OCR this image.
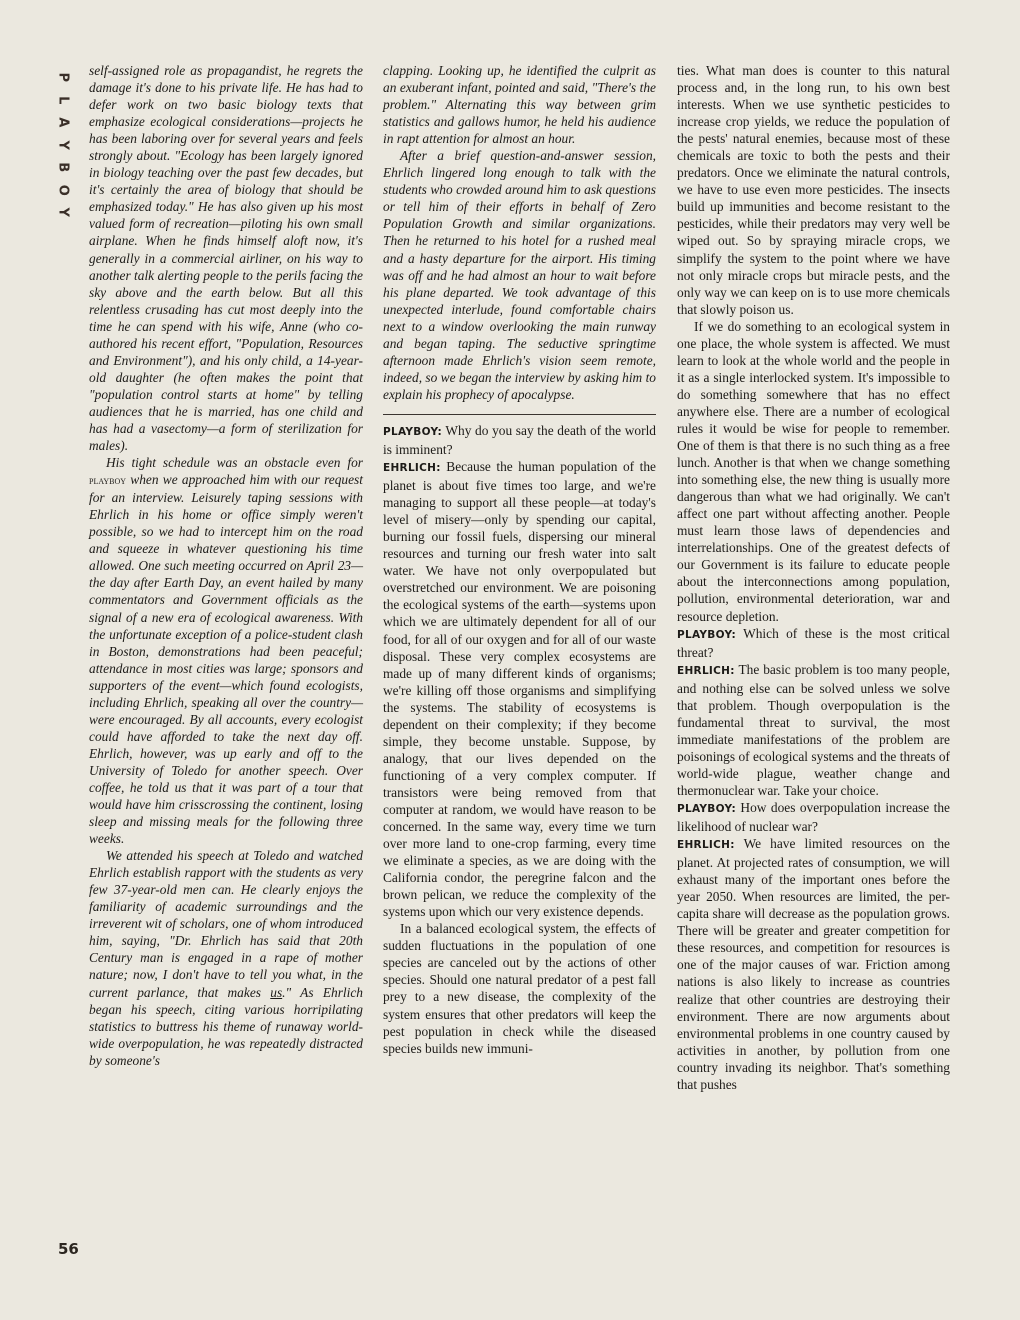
P
L
A
Y
B
O
Y
56

self-assigned role as propagandist, he regrets the damage it's done to his private life. He has had to defer work on two basic biology texts that emphasize ecological considerations—projects he has been laboring over for several years and feels strongly about. "Ecology has been largely ignored in biology teaching over the past few decades, but it's certainly the area of biology that should be emphasized today." He has also given up his most valued form of recreation—piloting his own small airplane. When he finds himself aloft now, it's generally in a commercial airliner, on his way to another talk alerting people to the perils facing the sky above and the earth below. But all this relentless crusading has cut most deeply into the time he can spend with his wife, Anne (who co-authored his recent effort, "Population, Resources and Environment"), and his only child, a 14-year-old daughter (he often makes the point that "population control starts at home" by telling audiences that he is married, has one child and has had a vasectomy—a form of sterilization for males).

His tight schedule was an obstacle even for playboy when we approached him with our request for an interview. Leisurely taping sessions with Ehrlich in his home or office simply weren't possible, so we had to intercept him on the road and squeeze in whatever questioning his time allowed. One such meeting occurred on April 23—the day after Earth Day, an event hailed by many commentators and Government officials as the signal of a new era of ecological awareness. With the unfortunate exception of a police-student clash in Boston, demonstrations had been peaceful; attendance in most cities was large; sponsors and supporters of the event—which found ecologists, including Ehrlich, speaking all over the country—were encouraged. By all accounts, every ecologist could have afforded to take the next day off. Ehrlich, however, was up early and off to the University of Toledo for another speech. Over coffee, he told us that it was part of a tour that would have him crisscrossing the continent, losing sleep and missing meals for the following three weeks.

We attended his speech at Toledo and watched Ehrlich establish rapport with the students as very few 37-year-old men can. He clearly enjoys the familiarity of academic surroundings and the irreverent wit of scholars, one of whom introduced him, saying, "Dr. Ehrlich has said that 20th Century man is engaged in a rape of mother nature; now, I don't have to tell you what, in the current parlance, that makes us." As Ehrlich began his speech, citing various horripilating statistics to buttress his theme of runaway world-wide overpopulation, he was repeatedly distracted by someone's

clapping. Looking up, he identified the culprit as an exuberant infant, pointed and said, "There's the problem." Alternating this way between grim statistics and gallows humor, he held his audience in rapt attention for almost an hour.

After a brief question-and-answer session, Ehrlich lingered long enough to talk with the students who crowded around him to ask questions or tell him of their efforts in behalf of Zero Population Growth and similar organizations. Then he returned to his hotel for a rushed meal and a hasty departure for the airport. His timing was off and he had almost an hour to wait before his plane departed. We took advantage of this unexpected interlude, found comfortable chairs next to a window overlooking the main runway and began taping. The seductive springtime afternoon made Ehrlich's vision seem remote, indeed, so we began the interview by asking him to explain his prophecy of apocalypse.

PLAYBOY: Why do you say the death of the world is imminent?

EHRLICH: Because the human population of the planet is about five times too large, and we're managing to support all these people—at today's level of misery—only by spending our capital, burning our fossil fuels, dispersing our mineral resources and turning our fresh water into salt water. We have not only overpopulated but overstretched our environment. We are poisoning the ecological systems of the earth—systems upon which we are ultimately dependent for all of our food, for all of our oxygen and for all of our waste disposal. These very complex ecosystems are made up of many different kinds of organisms; we're killing off those organisms and simplifying the systems. The stability of ecosystems is dependent on their complexity; if they become simple, they become unstable. Suppose, by analogy, that our lives depended on the functioning of a very complex computer. If transistors were being removed from that computer at random, we would have reason to be concerned. In the same way, every time we turn over more land to one-crop farming, every time we eliminate a species, as we are doing with the California condor, the peregrine falcon and the brown pelican, we reduce the complexity of the systems upon which our very existence depends.

In a balanced ecological system, the effects of sudden fluctuations in the population of one species are canceled out by the actions of other species. Should one natural predator of a pest fall prey to a new disease, the complexity of the system ensures that other predators will keep the pest population in check while the diseased species builds new immuni-

ties. What man does is counter to this natural process and, in the long run, to his own best interests. When we use synthetic pesticides to increase crop yields, we reduce the population of the pests' natural enemies, because most of these chemicals are toxic to both the pests and their predators. Once we eliminate the natural controls, we have to use even more pesticides. The insects build up immunities and become resistant to the pesticides, while their predators may very well be wiped out. So by spraying miracle crops, we simplify the system to the point where we have not only miracle crops but miracle pests, and the only way we can keep on is to use more chemicals that slowly poison us.

If we do something to an ecological system in one place, the whole system is affected. We must learn to look at the whole world and the people in it as a single interlocked system. It's impossible to do something somewhere that has no effect anywhere else. There are a number of ecological rules it would be wise for people to remember. One of them is that there is no such thing as a free lunch. Another is that when we change something into something else, the new thing is usually more dangerous than what we had originally. We can't affect one part without affecting another. People must learn those laws of dependencies and interrelationships. One of the greatest defects of our Government is its failure to educate people about the interconnections among population, pollution, environmental deterioration, war and resource depletion.

PLAYBOY: Which of these is the most critical threat?

EHRLICH: The basic problem is too many people, and nothing else can be solved unless we solve that problem. Though overpopulation is the fundamental threat to survival, the most immediate manifestations of the problem are poisonings of ecological systems and the threats of world-wide plague, weather change and thermonuclear war. Take your choice.

PLAYBOY: How does overpopulation increase the likelihood of nuclear war?

EHRLICH: We have limited resources on the planet. At projected rates of consumption, we will exhaust many of the important ones before the year 2050. When resources are limited, the per-capita share will decrease as the population grows. There will be greater and greater competition for these resources, and competition for resources is one of the major causes of war. Friction among nations is also likely to increase as countries realize that other countries are destroying their environment. There are now arguments about environmental problems in one country caused by activities in another, by pollution from one country invading its neighbor. That's something that pushes
